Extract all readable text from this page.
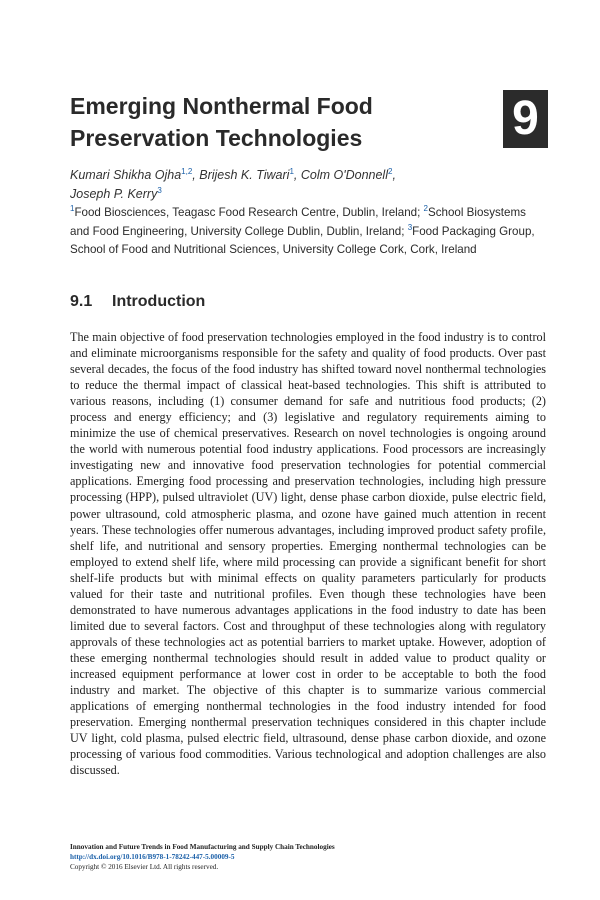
Emerging Nonthermal Food Preservation Technologies	9
Kumari Shikha Ojha$^{1,2}$, Brijesh K. Tiwari$^1$, Colm O'Donnell$^2$,
Joseph P. Kerry$^3$
$^1$Food Biosciences, Teagasc Food Research Centre, Dublin, Ireland; $^2$School Biosystems and Food Engineering, University College Dublin, Dublin, Ireland; $^3$Food Packaging Group, School of Food and Nutritional Sciences, University College Cork, Cork, Ireland
9.1 Introduction

The main objective of food preservation technologies employed in the food industry is to control and eliminate microorganisms responsible for the safety and quality of food products. Over past several decades, the focus of the food industry has shifted toward novel nonthermal technologies to reduce the thermal impact of classical heat-based technologies. This shift is attributed to various reasons, including (1) consumer demand for safe and nutritious food products; (2) process and energy efficiency; and (3) legislative and regulatory requirements aiming to minimize the use of chemical preservatives. Research on novel technologies is ongoing around the world with numerous potential food industry applications. Food processors are increasingly investigating new and innovative food preservation technologies for potential commercial applications. Emerging food processing and preservation technologies, including high pressure processing (HPP), pulsed ultraviolet (UV) light, dense phase carbon dioxide, pulse electric field, power ultrasound, cold atmospheric plasma, and ozone have gained much attention in recent years. These technologies offer numerous advantages, including improved product safety profile, shelf life, and nutritional and sensory properties. Emerging nonthermal technologies can be employed to extend shelf life, where mild processing can provide a significant benefit for short shelf-life products but with minimal effects on quality parameters particularly for products valued for their taste and nutritional profiles. Even though these technologies have been demonstrated to have numerous advantages applications in the food industry to date has been limited due to several factors. Cost and throughput of these technologies along with regulatory approvals of these technologies act as potential barriers to market uptake. However, adoption of these emerging nonthermal technologies should result in added value to product quality or increased equipment performance at lower cost in order to be acceptable to both the food industry and market. The objective of this chapter is to summarize various commercial applications of emerging nonthermal technologies in the food industry intended for food preservation. Emerging nonthermal preservation techniques considered in this chapter include UV light, cold plasma, pulsed electric field, ultrasound, dense phase carbon dioxide, and ozone processing of various food commodities. Various technological and adoption challenges are also discussed.

Innovation and Future Trends in Food Manufacturing and Supply Chain Technologies
http://dx.doi.org/10.1016/B978-1-78242-447-5.00009-5
Copyright © 2016 Elsevier Ltd. All rights reserved.
